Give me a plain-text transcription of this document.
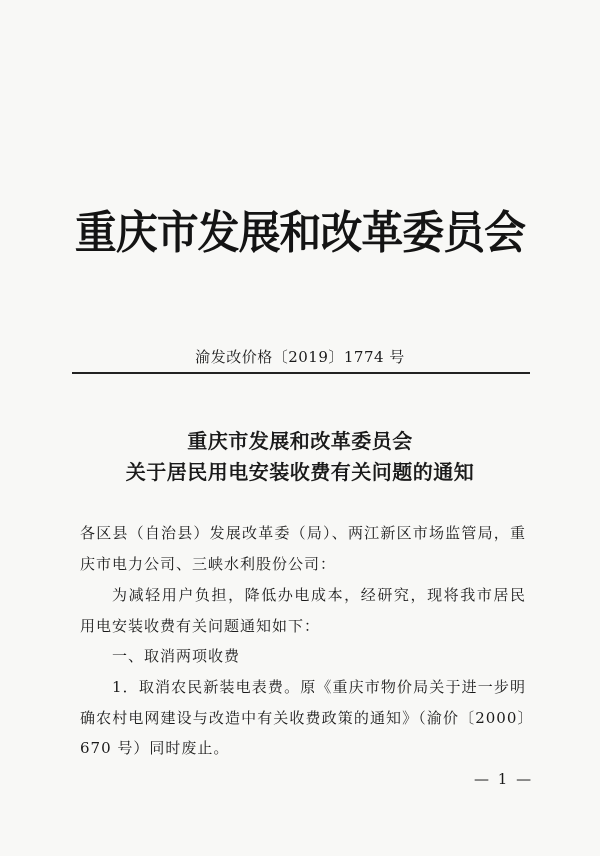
重庆市发展和改革委员会
渝发改价格〔2019〕1774 号
重庆市发展和改革委员会
关于居民用电安装收费有关问题的通知
各区县（自治县）发展改革委（局）、两江新区市场监管局，重庆市电力公司、三峡水利股份公司：
为减轻用户负担，降低办电成本，经研究，现将我市居民用电安装收费有关问题通知如下：
一、取消两项收费
1．取消农民新装电表费。原《重庆市物价局关于进一步明确农村电网建设与改造中有关收费政策的通知》（渝价〔2000〕670 号）同时废止。
— 1 —
